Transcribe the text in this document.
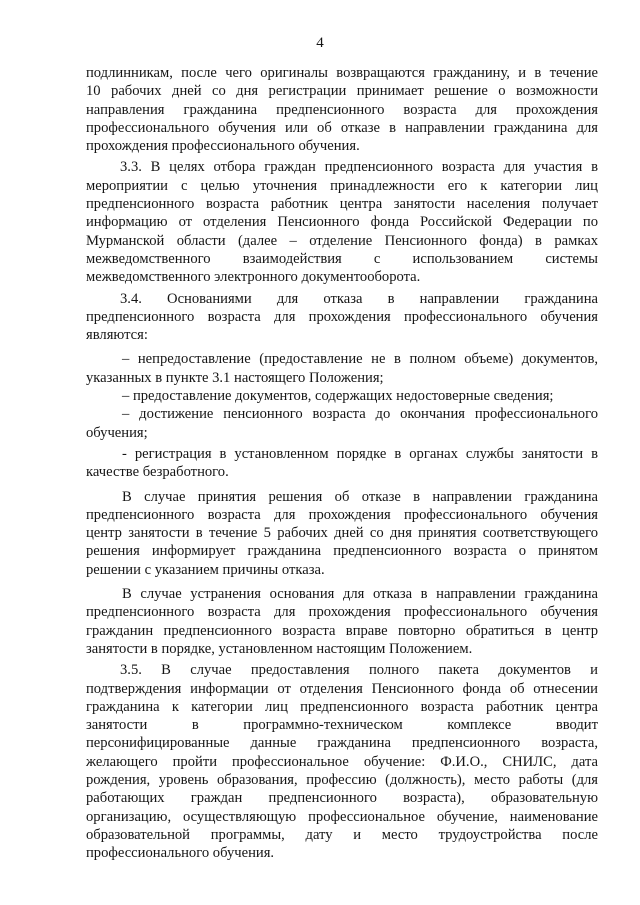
4

подлинникам, после чего оригиналы возвращаются гражданину, и в течение
10 рабочих дней со дня регистрации принимает решение о возможности
направления гражданина предпенсионного возраста для прохождения
профессионального обучения или об отказе в направлении гражданина для
прохождения профессионального обучения.

3.3. В целях отбора граждан предпенсионного возраста для участия в
мероприятии с целью уточнения принадлежности его к категории лиц
предпенсионного возраста работник центра занятости населения получает
информацию от отделения Пенсионного фонда Российской Федерации по
Мурманской области (далее – отделение Пенсионного фонда) в рамках
межведомственного взаимодействия с использованием системы
межведомственного электронного документооборота.

3.4. Основаниями для отказа в направлении гражданина
предпенсионного возраста для прохождения профессионального обучения
являются:

– непредоставление (предоставление не в полном объеме) документов,
указанных в пункте 3.1 настоящего Положения;

– предоставление документов, содержащих недостоверные сведения;

– достижение пенсионного возраста до окончания профессионального
обучения;

- регистрация в установленном порядке в органах службы занятости в
качестве безработного.

В случае принятия решения об отказе в направлении гражданина
предпенсионного возраста для прохождения профессионального обучения
центр занятости в течение 5 рабочих дней со дня принятия соответствующего
решения информирует гражданина предпенсионного возраста о принятом
решении с указанием причины отказа.

В случае устранения основания для отказа в направлении гражданина
предпенсионного возраста для прохождения профессионального обучения
гражданин предпенсионного возраста вправе повторно обратиться в центр
занятости в порядке, установленном настоящим Положением.

3.5. В случае предоставления полного пакета документов и
подтверждения информации от отделения Пенсионного фонда об отнесении
гражданина к категории лиц предпенсионного возраста работник центра
занятости в программно-техническом комплексе вводит
персонифицированные данные гражданина предпенсионного возраста,
желающего пройти профессиональное обучение: Ф.И.О., СНИЛС, дата
рождения, уровень образования, профессию (должность), место работы (для
работающих граждан предпенсионного возраста), образовательную
организацию, осуществляющую профессиональное обучение, наименование
образовательной программы, дату и место трудоустройства после
профессионального обучения.
